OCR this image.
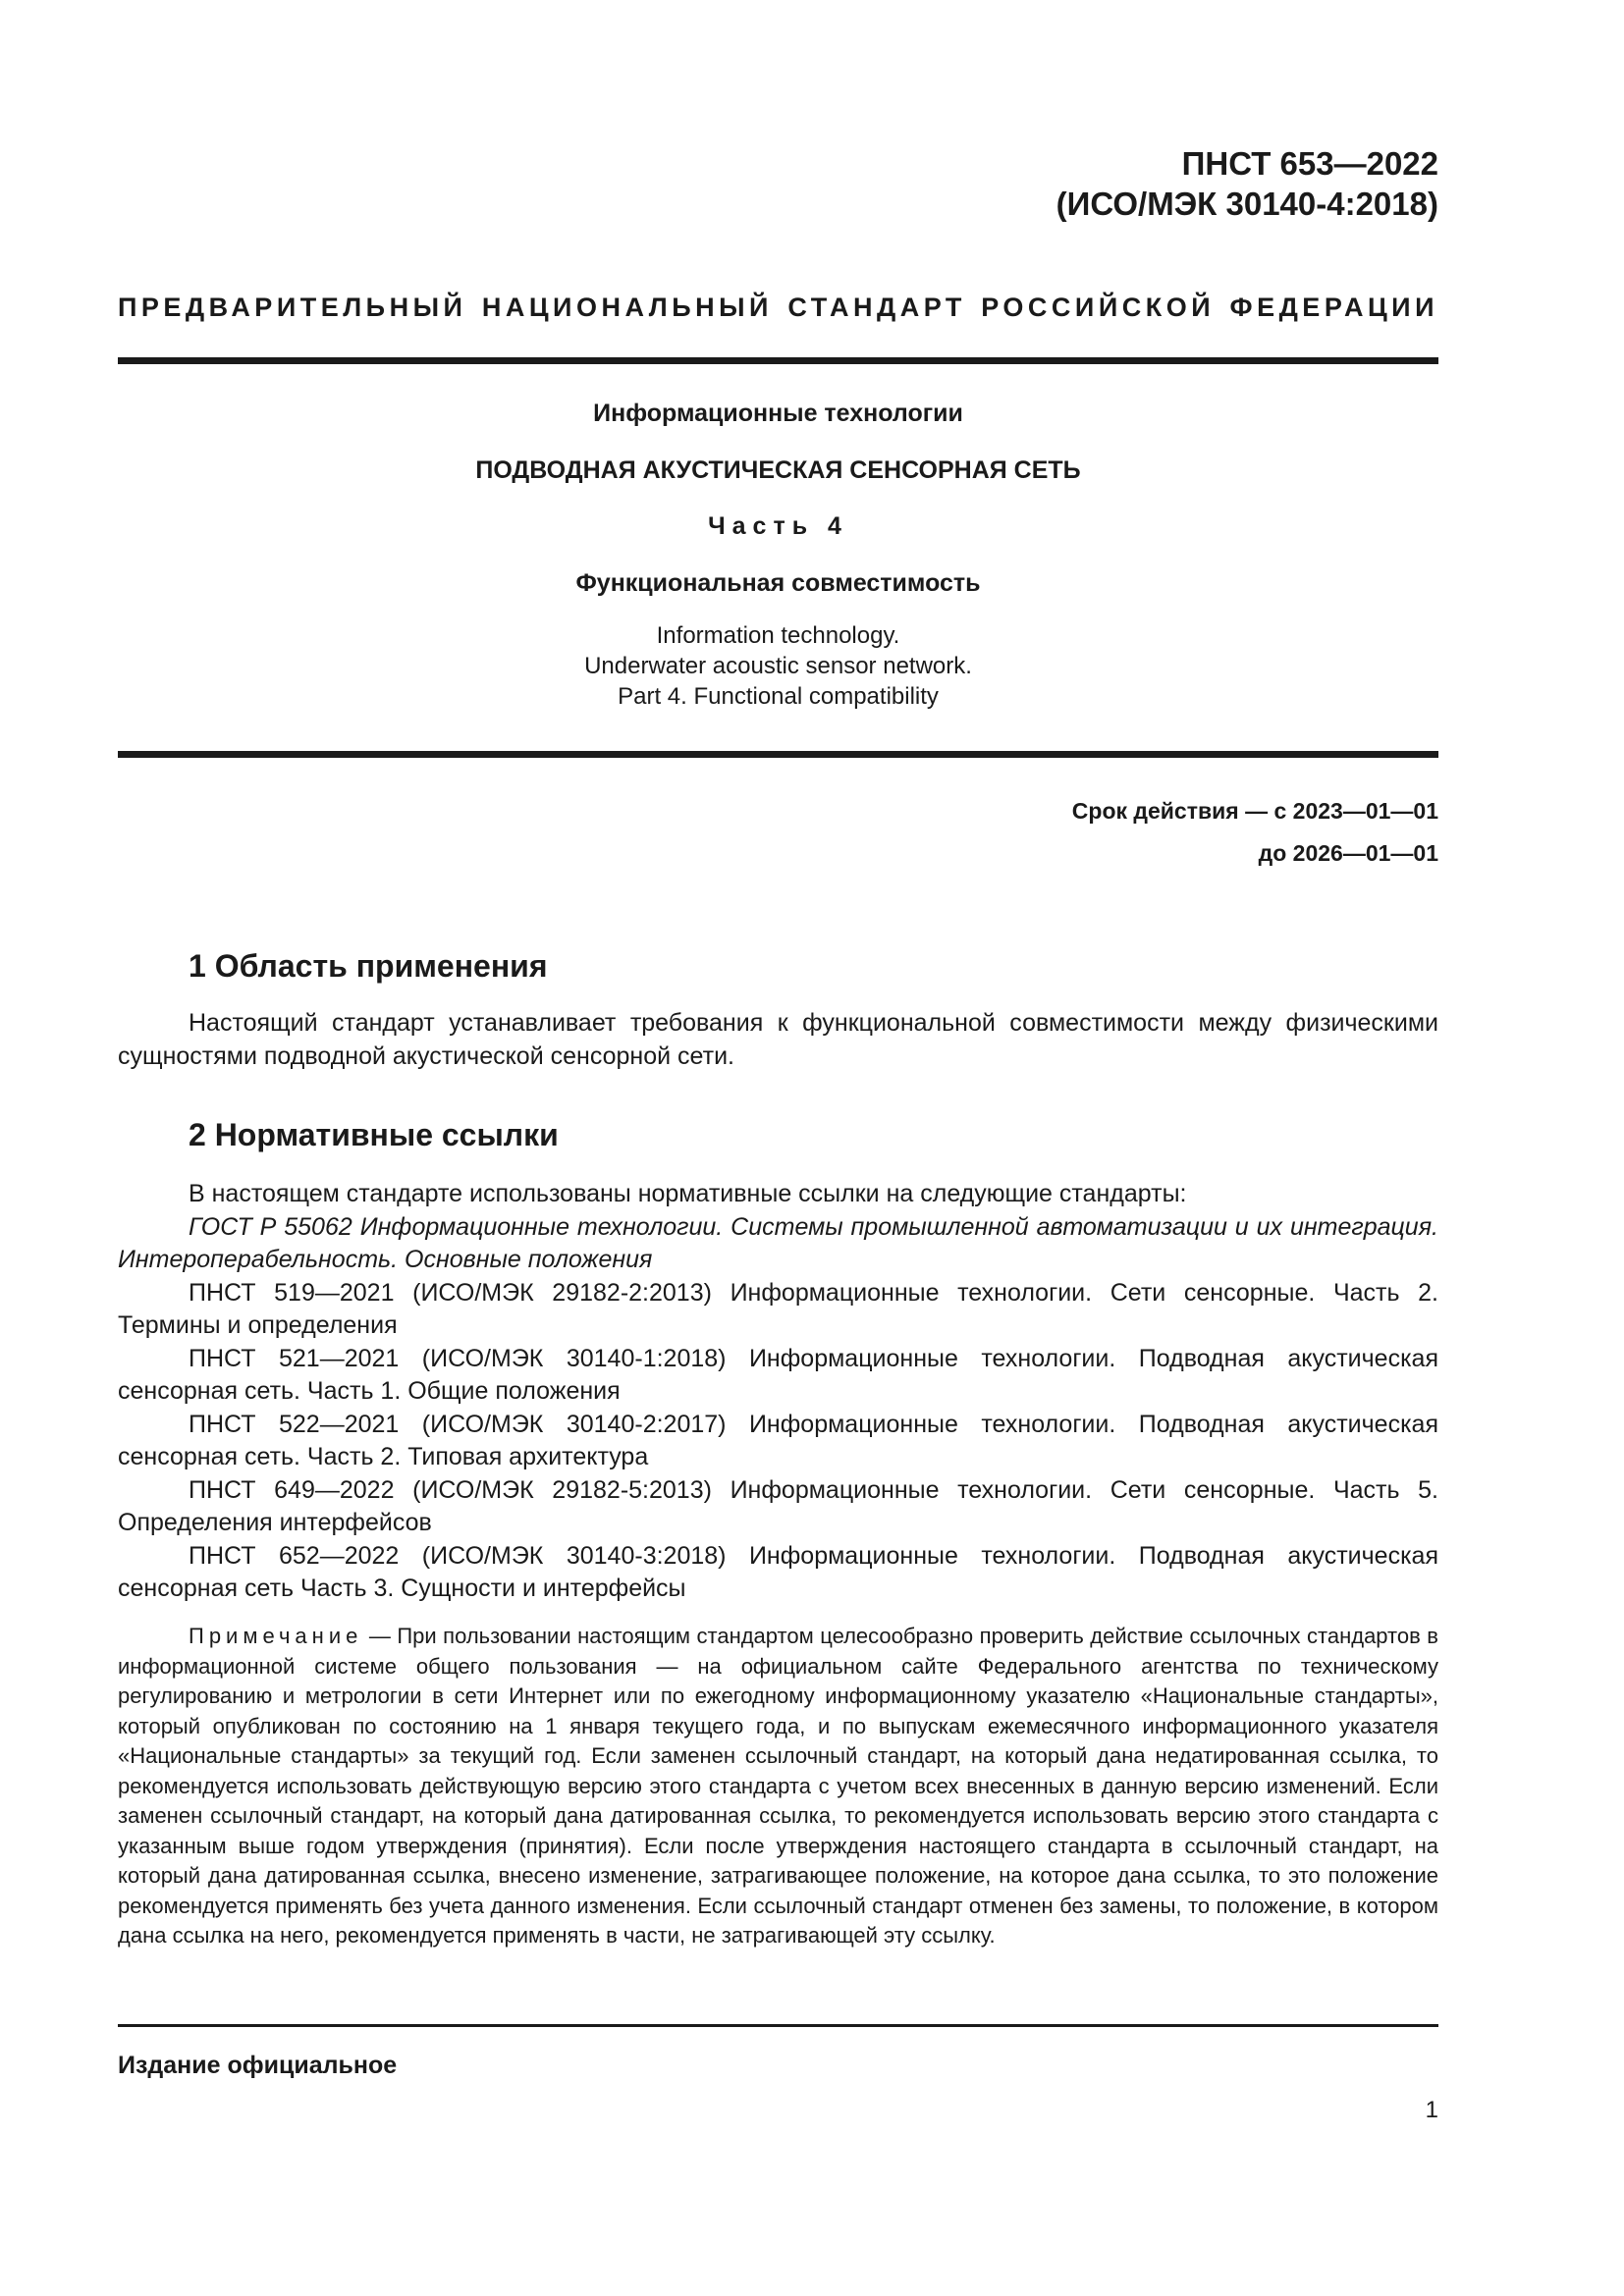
ПНСТ 653—2022
(ИСО/МЭК 30140-4:2018)
ПРЕДВАРИТЕЛЬНЫЙ НАЦИОНАЛЬНЫЙ СТАНДАРТ РОССИЙСКОЙ ФЕДЕРАЦИИ
Информационные технологии
ПОДВОДНАЯ АКУСТИЧЕСКАЯ СЕНСОРНАЯ СЕТЬ
Часть 4
Функциональная совместимость
Information technology.
Underwater acoustic sensor network.
Part 4. Functional compatibility
Срок действия — с 2023—01—01
до 2026—01—01
1 Область применения

Настоящий стандарт устанавливает требования к функциональной совместимости между физическими сущностями подводной акустической сенсорной сети.

2 Нормативные ссылки

В настоящем стандарте использованы нормативные ссылки на следующие стандарты:

ГОСТ Р 55062 Информационные технологии. Системы промышленной автоматизации и их интеграция. Интероперабельность. Основные положения

ПНСТ 519—2021 (ИСО/МЭК 29182-2:2013) Информационные технологии. Сети сенсорные. Часть 2. Термины и определения

ПНСТ 521—2021 (ИСО/МЭК 30140-1:2018) Информационные технологии. Подводная акустическая сенсорная сеть. Часть 1. Общие положения

ПНСТ 522—2021 (ИСО/МЭК 30140-2:2017) Информационные технологии. Подводная акустическая сенсорная сеть. Часть 2. Типовая архитектура

ПНСТ 649—2022 (ИСО/МЭК 29182-5:2013) Информационные технологии. Сети сенсорные. Часть 5. Определения интерфейсов

ПНСТ 652—2022 (ИСО/МЭК 30140-3:2018) Информационные технологии. Подводная акустическая сенсорная сеть Часть 3. Сущности и интерфейсы

Примечание — При пользовании настоящим стандартом целесообразно проверить действие ссылочных стандартов в информационной системе общего пользования — на официальном сайте Федерального агентства по техническому регулированию и метрологии в сети Интернет или по ежегодному информационному указателю «Национальные стандарты», который опубликован по состоянию на 1 января текущего года, и по выпускам ежемесячного информационного указателя «Национальные стандарты» за текущий год. Если заменен ссылочный стандарт, на который дана недатированная ссылка, то рекомендуется использовать действующую версию этого стандарта с учетом всех внесенных в данную версию изменений. Если заменен ссылочный стандарт, на который дана датированная ссылка, то рекомендуется использовать версию этого стандарта с указанным выше годом утверждения (принятия). Если после утверждения настоящего стандарта в ссылочный стандарт, на который дана датированная ссылка, внесено изменение, затрагивающее положение, на которое дана ссылка, то это положение рекомендуется применять без учета данного изменения. Если ссылочный стандарт отменен без замены, то положение, в котором дана ссылка на него, рекомендуется применять в части, не затрагивающей эту ссылку.

Издание официальное
1
